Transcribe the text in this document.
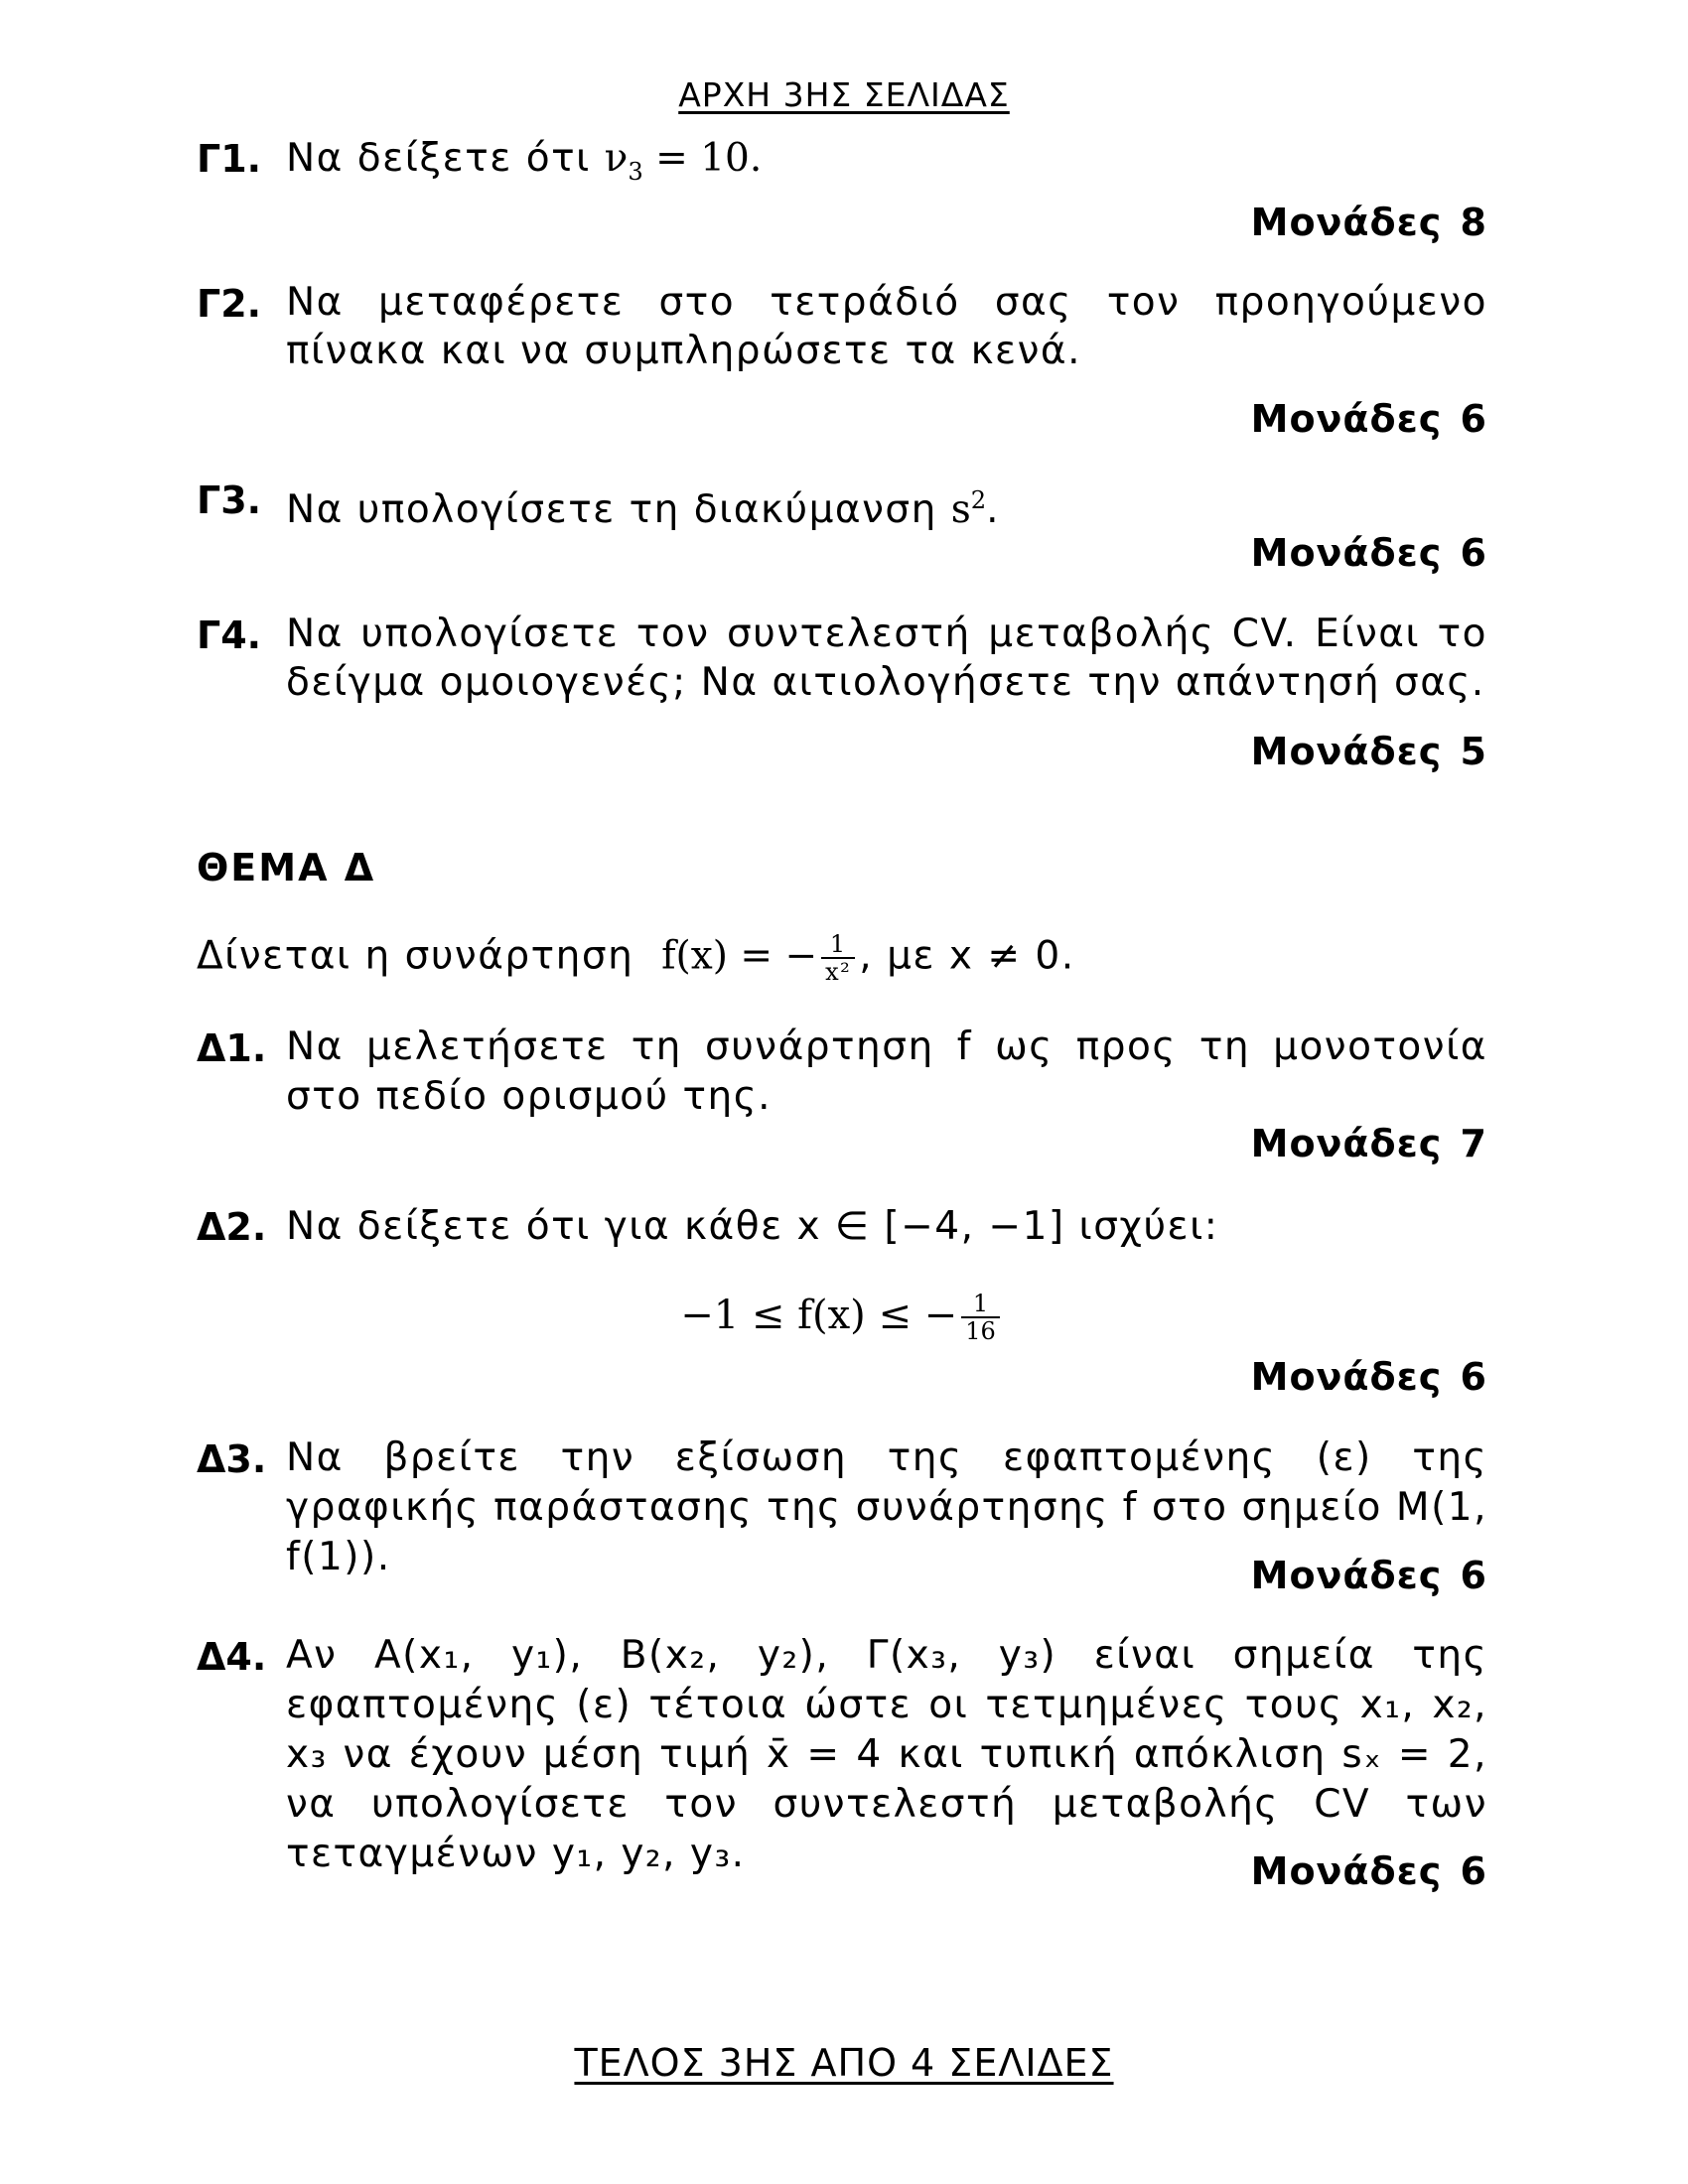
ΑΡΧΗ 3ΗΣ ΣΕΛΙΔΑΣ
Γ1. Να δείξετε ότι $\nu_3 = 10$.
Μονάδες 8
Γ2. Να μεταφέρετε στο τετράδιό σας τον προηγούμενο πίνακα και να συμπληρώσετε τα κενά.
Μονάδες 6
Γ3. Να υπολογίσετε τη διακύμανση $s^2$.
Μονάδες 6
Γ4. Να υπολογίσετε τον συντελεστή μεταβολής CV. Είναι το δείγμα ομοιογενές; Να αιτιολογήσετε την απάντησή σας.
Μονάδες 5
ΘΕΜΑ Δ
Δίνεται η συνάρτηση f(x) = − $\frac{1}{\text{x²}}$ , με x ≠ 0.
Δ1. Να μελετήσετε τη συνάρτηση f ως προς τη μονοτονία στο πεδίο ορισμού της.
Μονάδες 7
Δ2. Να δείξετε ότι για κάθε x ∈ [−4, −1] ισχύει:
−1 ≤ f(x) ≤ − $\frac{1}{16}$
Μονάδες 6
Δ3. Να βρείτε την εξίσωση της εφαπτομένης (ε) της γραφικής παράστασης της συνάρτησης f στο σημείο M(1, f(1)).	Μονάδες 6
Δ4. Αν A(x₁, y₁), B(x₂, y₂), Γ(x₃, y₃) είναι σημεία της εφαπτομένης (ε) τέτοια ώστε οι τετμημένες τους x₁, x₂, x₃ να έχουν μέση τιμή x̄ = 4 και τυπική απόκλιση sₓ = 2, να υπολογίσετε τον συντελεστή μεταβολής CV των τεταγμένων y₁, y₂, y₃.	Μονάδες 6
ΤΕΛΟΣ 3ΗΣ ΑΠΟ 4 ΣΕΛΙΔΕΣ
